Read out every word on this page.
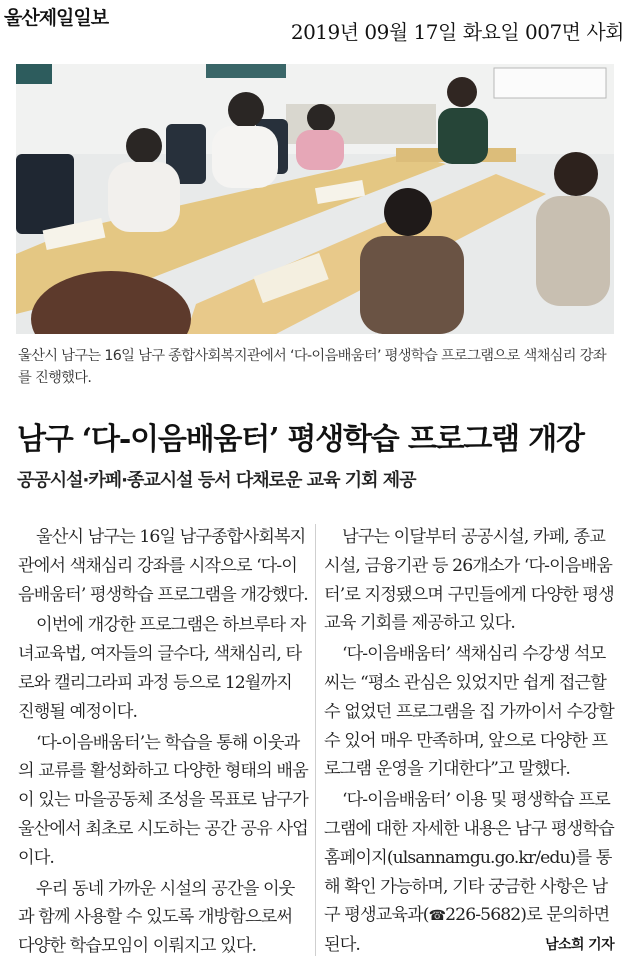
울산제일일보
2019년 09월 17일 화요일 007면 사회
울산시 남구는 16일 남구 종합사회복지관에서 ‘다-이음배움터’ 평생학습 프로그램으로 색채심리 강좌를 진행했다.
남구 ‘다-이음배움터’ 평생학습 프로그램 개강
공공시설·카페·종교시설 등서 다채로운 교육 기회 제공

울산시 남구는 16일 남구종합사회복지관에서 색채심리 강좌를 시작으로 ‘다-이음배움터’ 평생학습 프로그램을 개강했다.

이번에 개강한 프로그램은 하브루타 자녀교육법, 여자들의 글수다, 색채심리, 타로와 캘리그라피 과정 등으로 12월까지 진행될 예정이다.

‘다-이음배움터’는 학습을 통해 이웃과의 교류를 활성화하고 다양한 형태의 배움이 있는 마을공동체 조성을 목표로 남구가 울산에서 최초로 시도하는 공간 공유 사업이다.

우리 동네 가까운 시설의 공간을 이웃과 함께 사용할 수 있도록 개방함으로써 다양한 학습모임이 이뤄지고 있다.

남구는 이달부터 공공시설, 카페, 종교시설, 금융기관 등 26개소가 ‘다-이음배움터’로 지정됐으며 구민들에게 다양한 평생교육 기회를 제공하고 있다.

‘다-이음배움터’ 색채심리 수강생 석모씨는 “평소 관심은 있었지만 쉽게 접근할 수 없었던 프로그램을 집 가까이서 수강할 수 있어 매우 만족하며, 앞으로 다양한 프로그램 운영을 기대한다”고 말했다.

‘다-이음배움터’ 이용 및 평생학습 프로그램에 대한 자세한 내용은 남구 평생학습 홈페이지(ulsannamgu.go.kr/edu)를 통해 확인 가능하며, 기타 궁금한 사항은 남구 평생교육과(☎226-5682)로 문의하면 된다.	남소희 기자
